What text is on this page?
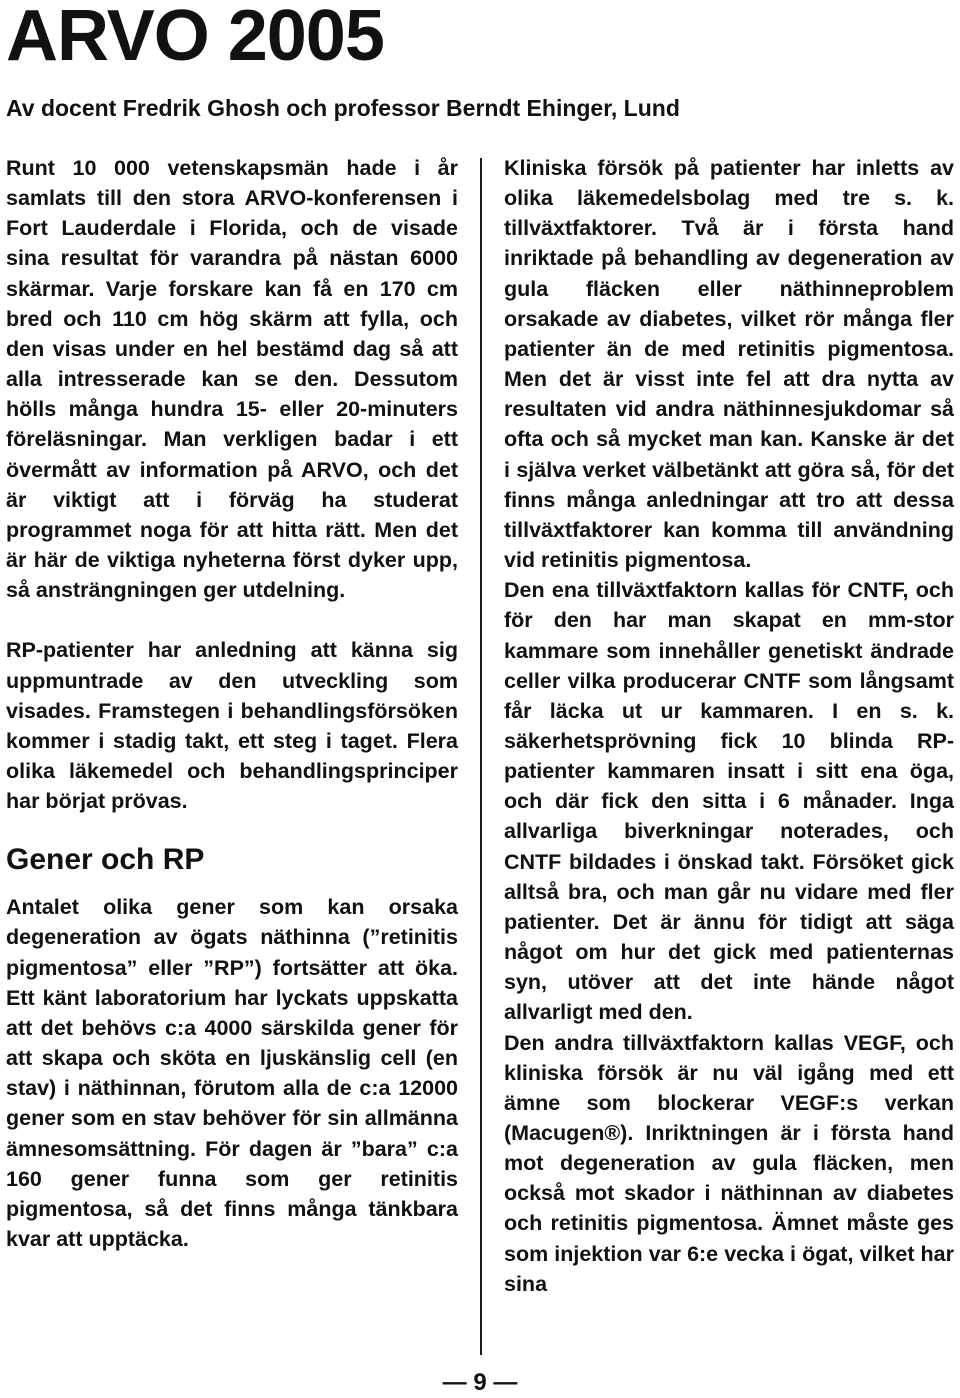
ARVO 2005
Av docent Fredrik Ghosh och professor Berndt Ehinger, Lund

Runt 10 000 vetenskapsmän hade i år samlats till den stora ARVO-konferensen i Fort Lauderdale i Florida, och de visade sina resultat för varandra på nästan 6000 skärmar. Varje forskare kan få en 170 cm bred och 110 cm hög skärm att fylla, och den visas under en hel bestämd dag så att alla intresserade kan se den. Dessutom hölls många hundra 15- eller 20-minuters föreläsningar. Man verkligen badar i ett övermått av information på ARVO, och det är viktigt att i förväg ha studerat programmet noga för att hitta rätt. Men det är här de viktiga nyheterna först dyker upp, så ansträngningen ger utdelning.

RP-patienter har anledning att känna sig uppmuntrade av den utveckling som visades. Framstegen i behandlingsförsöken kommer i stadig takt, ett steg i taget. Flera olika läkemedel och behandlingsprinciper har börjat prövas.

Gener och RP

Antalet olika gener som kan orsaka degeneration av ögats näthinna (”retinitis pigmentosa” eller ”RP”) fortsätter att öka. Ett känt laboratorium har lyckats uppskatta att det behövs c:a 4000 särskilda gener för att skapa och sköta en ljuskänslig cell (en stav) i näthinnan, förutom alla de c:a 12000 gener som en stav behöver för sin allmänna ämnesomsättning. För dagen är ”bara” c:a 160 gener funna som ger retinitis pigmentosa, så det finns många tänkbara kvar att upptäcka.

Kliniska försök på patienter har inletts av olika läkemedelsbolag med tre s. k. tillväxtfaktorer. Två är i första hand inriktade på behandling av degeneration av gula fläcken eller näthinneproblem orsakade av diabetes, vilket rör många fler patienter än de med retinitis pigmentosa. Men det är visst inte fel att dra nytta av resultaten vid andra näthinnesjukdomar så ofta och så mycket man kan. Kanske är det i själva verket välbetänkt att göra så, för det finns många anledningar att tro att dessa tillväxtfaktorer kan komma till användning vid retinitis pigmentosa.

Den ena tillväxtfaktorn kallas för CNTF, och för den har man skapat en mm-stor kammare som innehåller genetiskt ändrade celler vilka producerar CNTF som långsamt får läcka ut ur kammaren. I en s. k. säkerhetsprövning fick 10 blinda RP-patienter kammaren insatt i sitt ena öga, och där fick den sitta i 6 månader. Inga allvarliga biverkningar noterades, och CNTF bildades i önskad takt. Försöket gick alltså bra, och man går nu vidare med fler patienter. Det är ännu för tidigt att säga något om hur det gick med patienternas syn, utöver att det inte hände något allvarligt med den.

Den andra tillväxtfaktorn kallas VEGF, och kliniska försök är nu väl igång med ett ämne som blockerar VEGF:s verkan (Macugen®). Inriktningen är i första hand mot degeneration av gula fläcken, men också mot skador i näthinnan av diabetes och retinitis pigmentosa. Ämnet måste ges som injektion var 6:e vecka i ögat, vilket har sina

— 9 —
